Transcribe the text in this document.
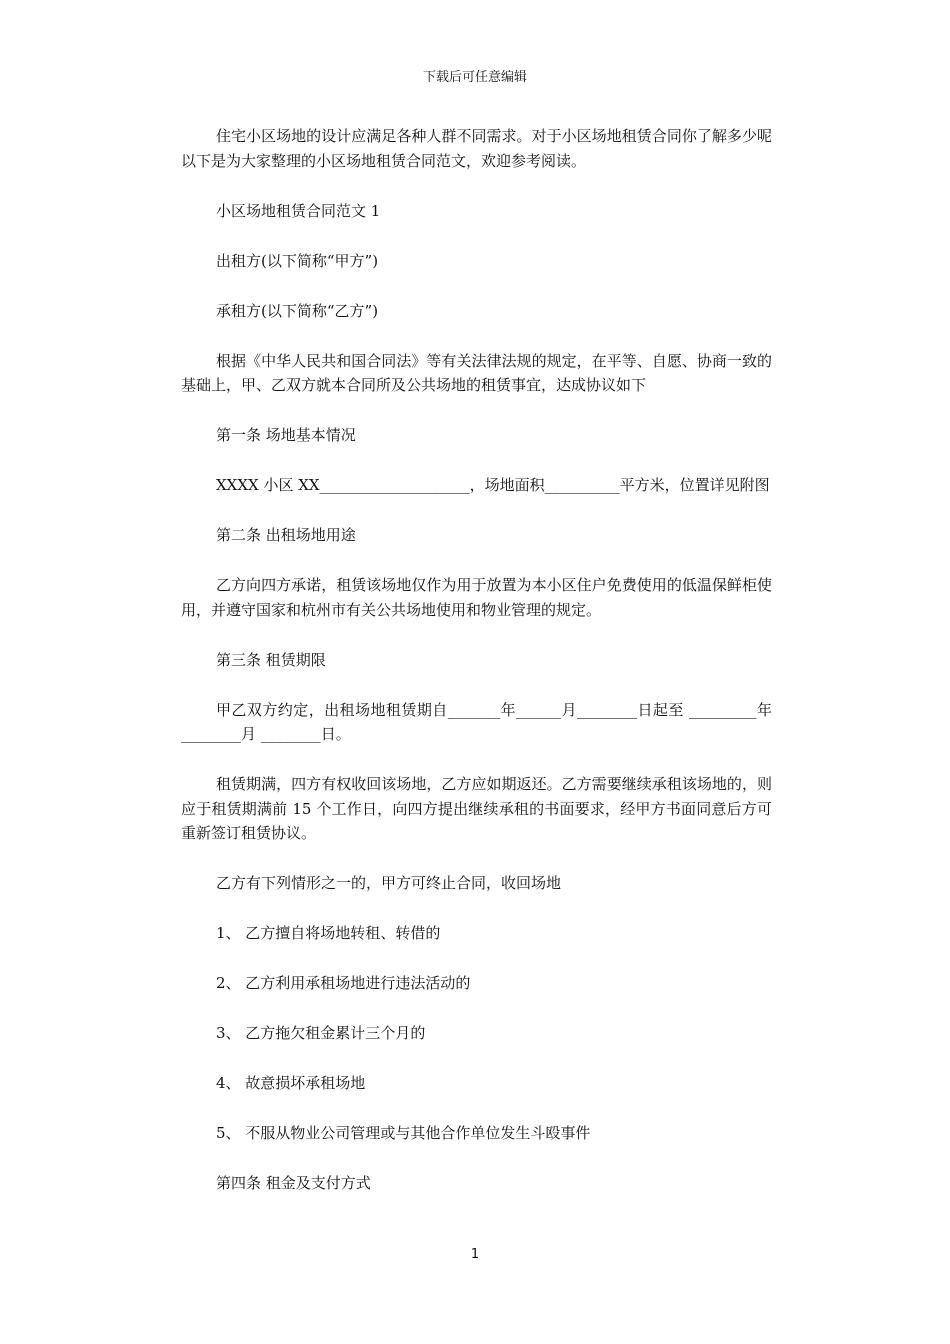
下载后可任意编辑

住宅小区场地的设计应满足各种人群不同需求。对于小区场地租赁合同你了解多少呢以下是为大家整理的小区场地租赁合同范文，欢迎参考阅读。

小区场地租赁合同范文 1

出租方(以下简称“甲方”)

承租方(以下简称“乙方”)

根据《中华人民共和国合同法》等有关法律法规的规定，在平等、自愿、协商一致的基础上，甲、乙双方就本合同所及公共场地的租赁事宜，达成协议如下

第一条 场地基本情况

XXXX 小区 XX____________________，场地面积__________平方米，位置详见附图

第二条 出租场地用途

乙方向四方承诺，租赁该场地仅作为用于放置为本小区住户免费使用的低温保鲜柜使用，并遵守国家和杭州市有关公共场地使用和物业管理的规定。

第三条 租赁期限

甲乙双方约定，出租场地租赁期自_______年______月________日起至 _________年________月 ________日。

租赁期满，四方有权收回该场地，乙方应如期返还。乙方需要继续承租该场地的，则应于租赁期满前 15 个工作日，向四方提出继续承租的书面要求，经甲方书面同意后方可重新签订租赁协议。

乙方有下列情形之一的，甲方可终止合同，收回场地

1、 乙方擅自将场地转租、转借的

2、 乙方利用承租场地进行违法活动的

3、 乙方拖欠租金累计三个月的

4、 故意损坏承租场地

5、 不服从物业公司管理或与其他合作单位发生斗殴事件

第四条 租金及支付方式

1
